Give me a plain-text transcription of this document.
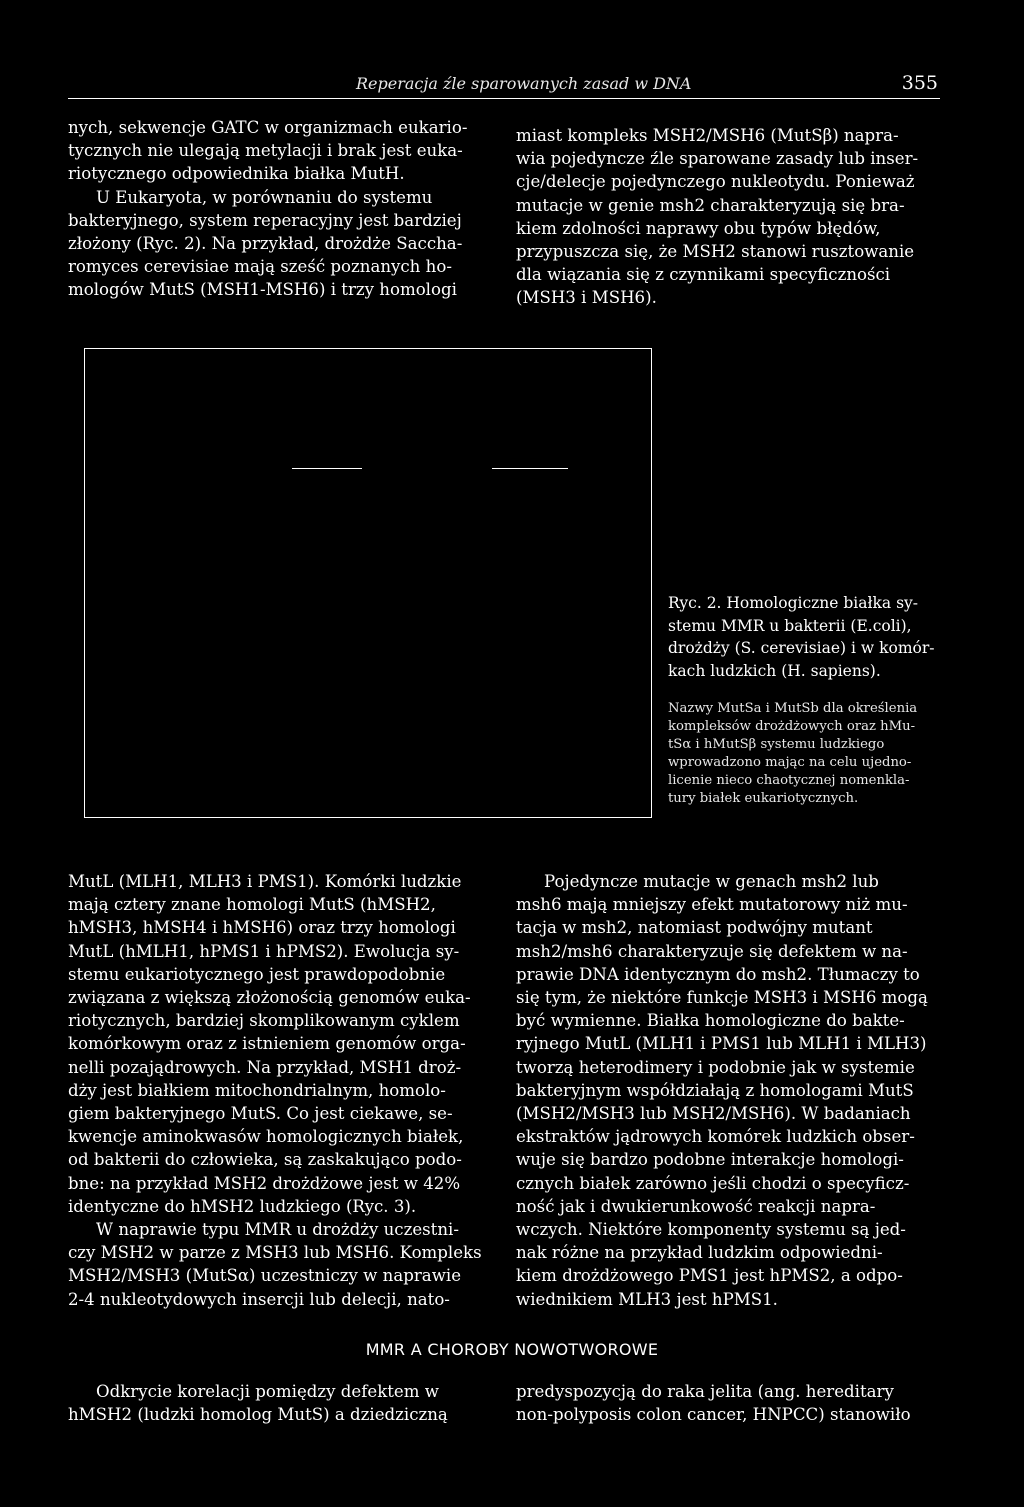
Reperacja źle sparowanych zasad w DNA	355

nych, sekwencje GATC w organizmach eukario-
tycznych nie ulegają metylacji i brak jest euka-
riotycznego odpowiednika białka MutH.

U Eukaryota, w porównaniu do systemu
bakteryjnego, system reperacyjny jest bardziej
złożony (Ryc. 2). Na przykład, drożdże Saccha-
romyces cerevisiae mają sześć poznanych ho-
mologów MutS (MSH1-MSH6) i trzy homologi

miast kompleks MSH2/MSH6 (MutSβ) napra-
wia pojedyncze źle sparowane zasady lub inser-
cje/delecje pojedynczego nukleotydu. Ponieważ
mutacje w genie msh2 charakteryzują się bra-
kiem zdolności naprawy obu typów błędów,
przypuszcza się, że MSH2 stanowi rusztowanie
dla wiązania się z czynnikami specyficzności
(MSH3 i MSH6).

Ryc. 2. Homologiczne białka sy-
stemu MMR u bakterii (E.coli),
drożdży (S. cerevisiae) i w komór-
kach ludzkich (H. sapiens).

Nazwy MutSa i MutSb dla określenia
kompleksów drożdżowych oraz hMu-
tSα i hMutSβ systemu ludzkiego
wprowadzono mając na celu ujedno-
licenie nieco chaotycznej nomenkla-
tury białek eukariotycznych.

MutL (MLH1, MLH3 i PMS1). Komórki ludzkie
mają cztery znane homologi MutS (hMSH2,
hMSH3, hMSH4 i hMSH6) oraz trzy homologi
MutL (hMLH1, hPMS1 i hPMS2). Ewolucja sy-
stemu eukariotycznego jest prawdopodobnie
związana z większą złożonością genomów euka-
riotycznych, bardziej skomplikowanym cyklem
komórkowym oraz z istnieniem genomów orga-
nelli pozajądrowych. Na przykład, MSH1 droż-
dży jest białkiem mitochondrialnym, homolo-
giem bakteryjnego MutS. Co jest ciekawe, se-
kwencje aminokwasów homologicznych białek,
od bakterii do człowieka, są zaskakująco podo-
bne: na przykład MSH2 drożdżowe jest w 42%
identyczne do hMSH2 ludzkiego (Ryc. 3).

W naprawie typu MMR u drożdży uczestni-
czy MSH2 w parze z MSH3 lub MSH6. Kompleks
MSH2/MSH3 (MutSα) uczestniczy w naprawie
2-4 nukleotydowych insercji lub delecji, nato-

Pojedyncze mutacje w genach msh2 lub
msh6 mają mniejszy efekt mutatorowy niż mu-
tacja w msh2, natomiast podwójny mutant
msh2/msh6 charakteryzuje się defektem w na-
prawie DNA identycznym do msh2. Tłumaczy to
się tym, że niektóre funkcje MSH3 i MSH6 mogą
być wymienne. Białka homologiczne do bakte-
ryjnego MutL (MLH1 i PMS1 lub MLH1 i MLH3)
tworzą heterodimery i podobnie jak w systemie
bakteryjnym współdziałają z homologami MutS
(MSH2/MSH3 lub MSH2/MSH6). W badaniach
ekstraktów jądrowych komórek ludzkich obser-
wuje się bardzo podobne interakcje homologi-
cznych białek zarówno jeśli chodzi o specyficz-
ność jak i dwukierunkowość reakcji napra-
wczych. Niektóre komponenty systemu są jed-
nak różne na przykład ludzkim odpowiedni-
kiem drożdżowego PMS1 jest hPMS2, a odpo-
wiednikiem MLH3 jest hPMS1.

MMR A CHOROBY NOWOTWOROWE

Odkrycie korelacji pomiędzy defektem w
hMSH2 (ludzki homolog MutS) a dziedziczną

predyspozycją do raka jelita (ang. hereditary
non-polyposis colon cancer, HNPCC) stanowiło
